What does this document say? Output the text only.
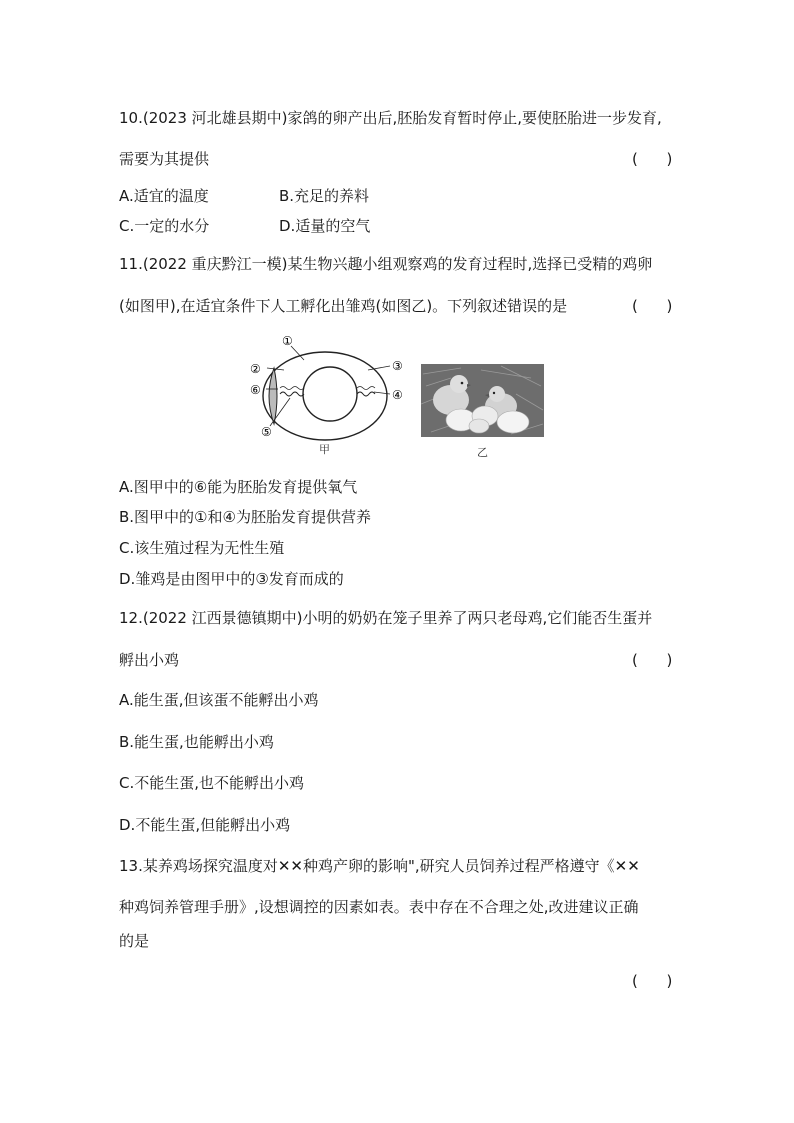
10.(2023 河北雄县期中)家鸽的卵产出后,胚胎发育暂时停止,要使胚胎进一步发育,
需要为其提供	(      )
A.适宜的温度	B.充足的养料
C.一定的水分	D.适量的空气
11.(2022 重庆黔江一模)某生物兴趣小组观察鸡的发育过程时,选择已受精的鸡卵
(如图甲),在适宜条件下人工孵化出雏鸡(如图乙)。下列叙述错误的是	(      )
①
②	③
④
⑤
⑥
甲	乙
A.图甲中的⑥能为胚胎发育提供氧气
B.图甲中的①和④为胚胎发育提供营养
C.该生殖过程为无性生殖
D.雏鸡是由图甲中的③发育而成的
12.(2022 江西景德镇期中)小明的奶奶在笼子里养了两只老母鸡,它们能否生蛋并
孵出小鸡	(      )
A.能生蛋,但该蛋不能孵出小鸡
B.能生蛋,也能孵出小鸡
C.不能生蛋,也不能孵出小鸡
D.不能生蛋,但能孵出小鸡
13.某养鸡场探究温度对✕✕种鸡产卵的影响",研究人员饲养过程严格遵守《✕✕
种鸡饲养管理手册》,设想调控的因素如表。表中存在不合理之处,改进建议正确
的是
(      )
